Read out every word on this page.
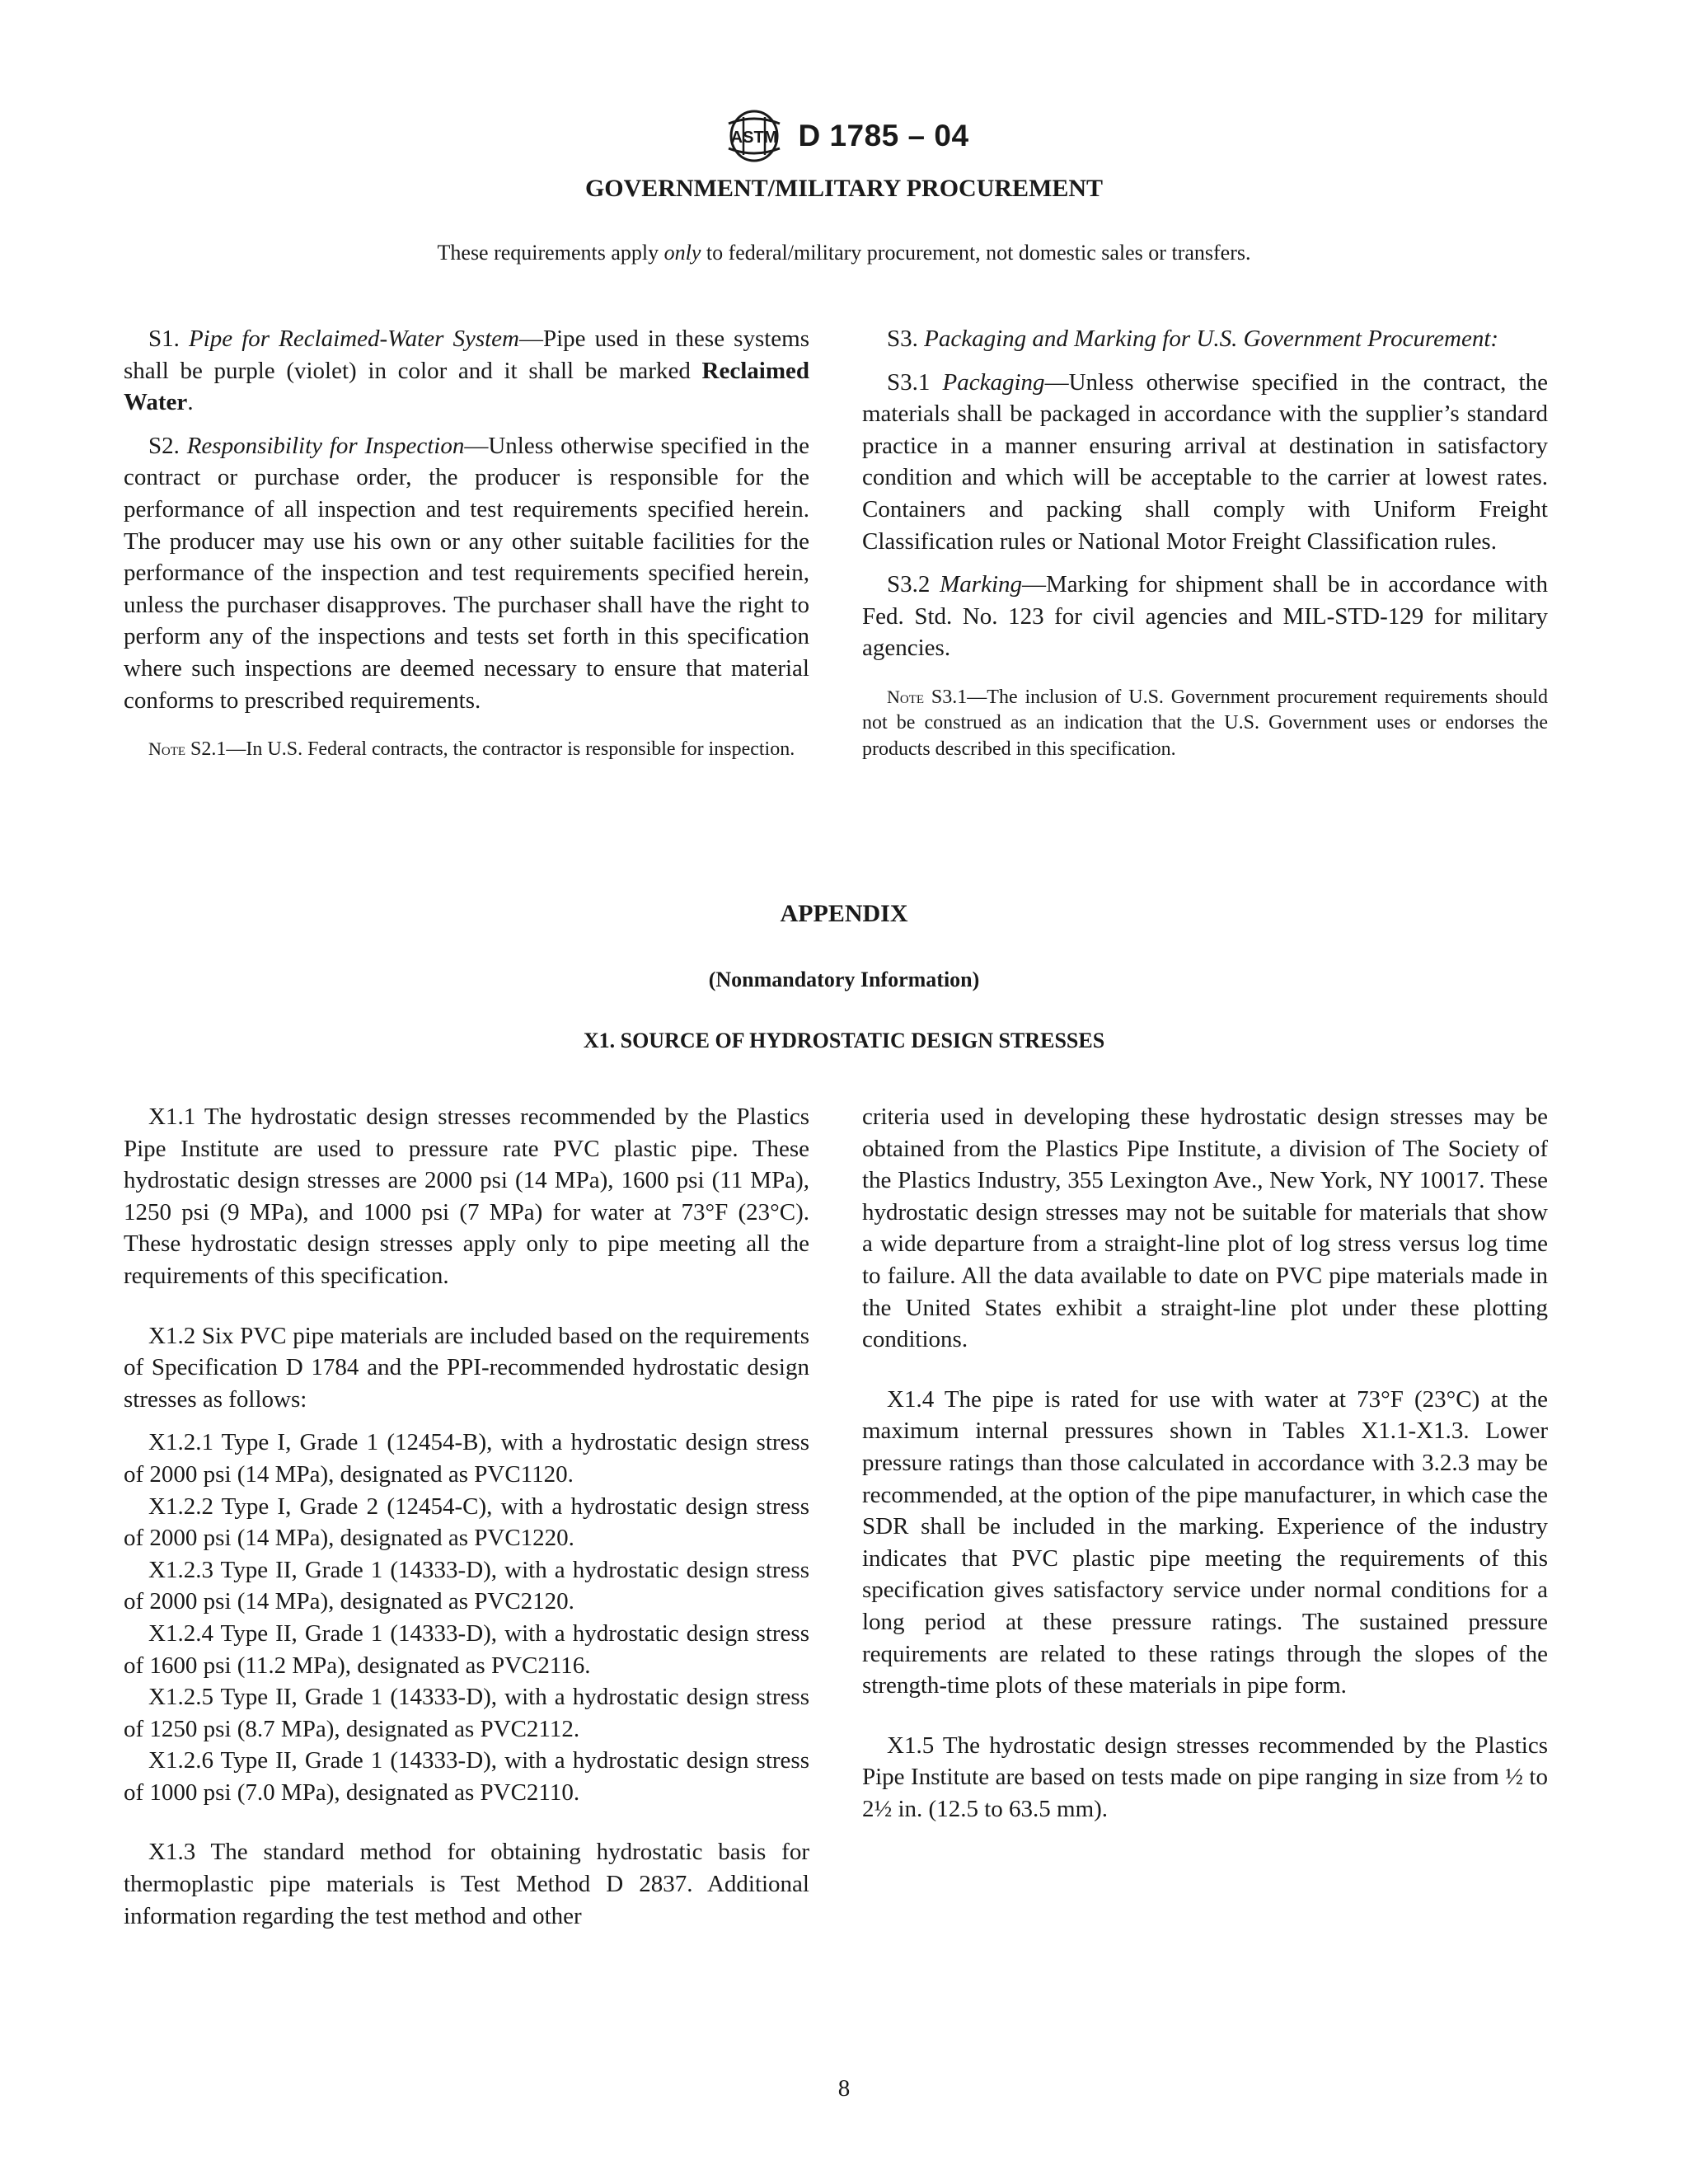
ASTM D 1785 – 04
GOVERNMENT/MILITARY PROCUREMENT
These requirements apply only to federal/military procurement, not domestic sales or transfers.

S1. Pipe for Reclaimed-Water System—Pipe used in these systems shall be purple (violet) in color and it shall be marked Reclaimed Water.

S2. Responsibility for Inspection—Unless otherwise specified in the contract or purchase order, the producer is responsible for the performance of all inspection and test requirements specified herein. The producer may use his own or any other suitable facilities for the performance of the inspection and test requirements specified herein, unless the purchaser disapproves. The purchaser shall have the right to perform any of the inspections and tests set forth in this specification where such inspections are deemed necessary to ensure that material conforms to prescribed requirements.

Note S2.1—In U.S. Federal contracts, the contractor is responsible for inspection.

S3. Packaging and Marking for U.S. Government Procurement:

S3.1 Packaging—Unless otherwise specified in the contract, the materials shall be packaged in accordance with the supplier’s standard practice in a manner ensuring arrival at destination in satisfactory condition and which will be acceptable to the carrier at lowest rates. Containers and packing shall comply with Uniform Freight Classification rules or National Motor Freight Classification rules.

S3.2 Marking—Marking for shipment shall be in accordance with Fed. Std. No. 123 for civil agencies and MIL-STD-129 for military agencies.

Note S3.1—The inclusion of U.S. Government procurement requirements should not be construed as an indication that the U.S. Government uses or endorses the products described in this specification.
APPENDIX
(Nonmandatory Information)
X1. SOURCE OF HYDROSTATIC DESIGN STRESSES

X1.1 The hydrostatic design stresses recommended by the Plastics Pipe Institute are used to pressure rate PVC plastic pipe. These hydrostatic design stresses are 2000 psi (14 MPa), 1600 psi (11 MPa), 1250 psi (9 MPa), and 1000 psi (7 MPa) for water at 73°F (23°C). These hydrostatic design stresses apply only to pipe meeting all the requirements of this specification.

X1.2 Six PVC pipe materials are included based on the requirements of Specification D 1784 and the PPI-recommended hydrostatic design stresses as follows:

X1.2.1 Type I, Grade 1 (12454-B), with a hydrostatic design stress of 2000 psi (14 MPa), designated as PVC1120.

X1.2.2 Type I, Grade 2 (12454-C), with a hydrostatic design stress of 2000 psi (14 MPa), designated as PVC1220.

X1.2.3 Type II, Grade 1 (14333-D), with a hydrostatic design stress of 2000 psi (14 MPa), designated as PVC2120.

X1.2.4 Type II, Grade 1 (14333-D), with a hydrostatic design stress of 1600 psi (11.2 MPa), designated as PVC2116.

X1.2.5 Type II, Grade 1 (14333-D), with a hydrostatic design stress of 1250 psi (8.7 MPa), designated as PVC2112.

X1.2.6 Type II, Grade 1 (14333-D), with a hydrostatic design stress of 1000 psi (7.0 MPa), designated as PVC2110.

X1.3 The standard method for obtaining hydrostatic basis for thermoplastic pipe materials is Test Method D 2837. Additional information regarding the test method and other

criteria used in developing these hydrostatic design stresses may be obtained from the Plastics Pipe Institute, a division of The Society of the Plastics Industry, 355 Lexington Ave., New York, NY 10017. These hydrostatic design stresses may not be suitable for materials that show a wide departure from a straight-line plot of log stress versus log time to failure. All the data available to date on PVC pipe materials made in the United States exhibit a straight-line plot under these plotting conditions.

X1.4 The pipe is rated for use with water at 73°F (23°C) at the maximum internal pressures shown in Tables X1.1-X1.3. Lower pressure ratings than those calculated in accordance with 3.2.3 may be recommended, at the option of the pipe manufacturer, in which case the SDR shall be included in the marking. Experience of the industry indicates that PVC plastic pipe meeting the requirements of this specification gives satisfactory service under normal conditions for a long period at these pressure ratings. The sustained pressure requirements are related to these ratings through the slopes of the strength-time plots of these materials in pipe form.

X1.5 The hydrostatic design stresses recommended by the Plastics Pipe Institute are based on tests made on pipe ranging in size from ½ to 2½ in. (12.5 to 63.5 mm).

8
